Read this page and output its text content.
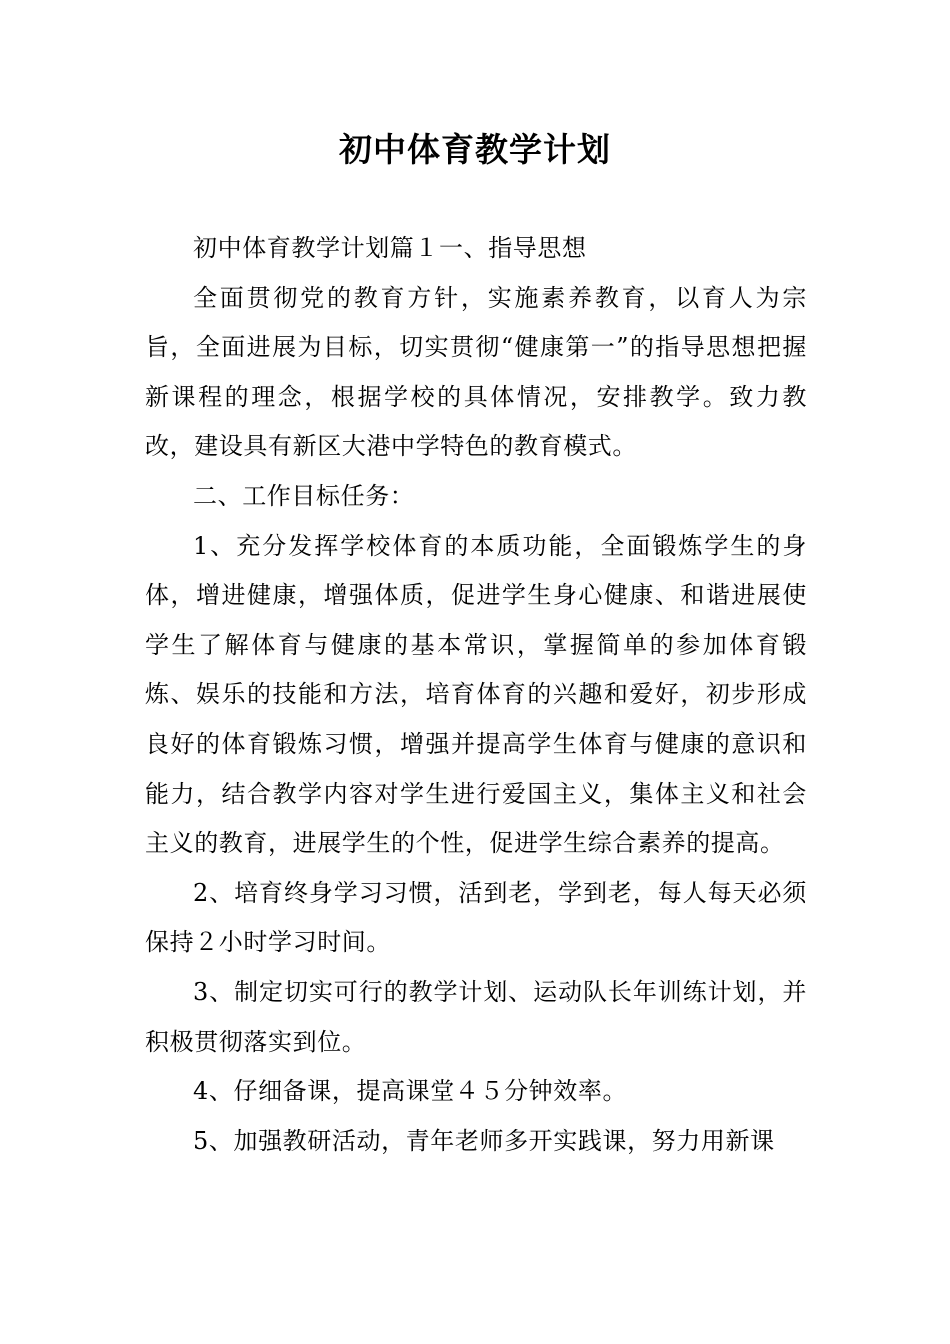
初中体育教学计划

初中体育教学计划篇１一、指导思想

全面贯彻党的教育方针，实施素养教育，以育人为宗旨，全面进展为目标，切实贯彻“健康第一”的指导思想把握新课程的理念，根据学校的具体情况，安排教学。致力教改，建设具有新区大港中学特色的教育模式。

二、工作目标任务：

1、充分发挥学校体育的本质功能，全面锻炼学生的身体，增进健康，增强体质，促进学生身心健康、和谐进展使学生了解体育与健康的基本常识，掌握简单的参加体育锻炼、娱乐的技能和方法，培育体育的兴趣和爱好，初步形成良好的体育锻炼习惯，增强并提高学生体育与健康的意识和能力，结合教学内容对学生进行爱国主义，集体主义和社会主义的教育，进展学生的个性，促进学生综合素养的提高。

2、培育终身学习习惯，活到老，学到老，每人每天必须保持２小时学习时间。

3、制定切实可行的教学计划、运动队长年训练计划，并积极贯彻落实到位。

4、仔细备课，提高课堂４５分钟效率。

5、加强教研活动，青年老师多开实践课，努力用新课
